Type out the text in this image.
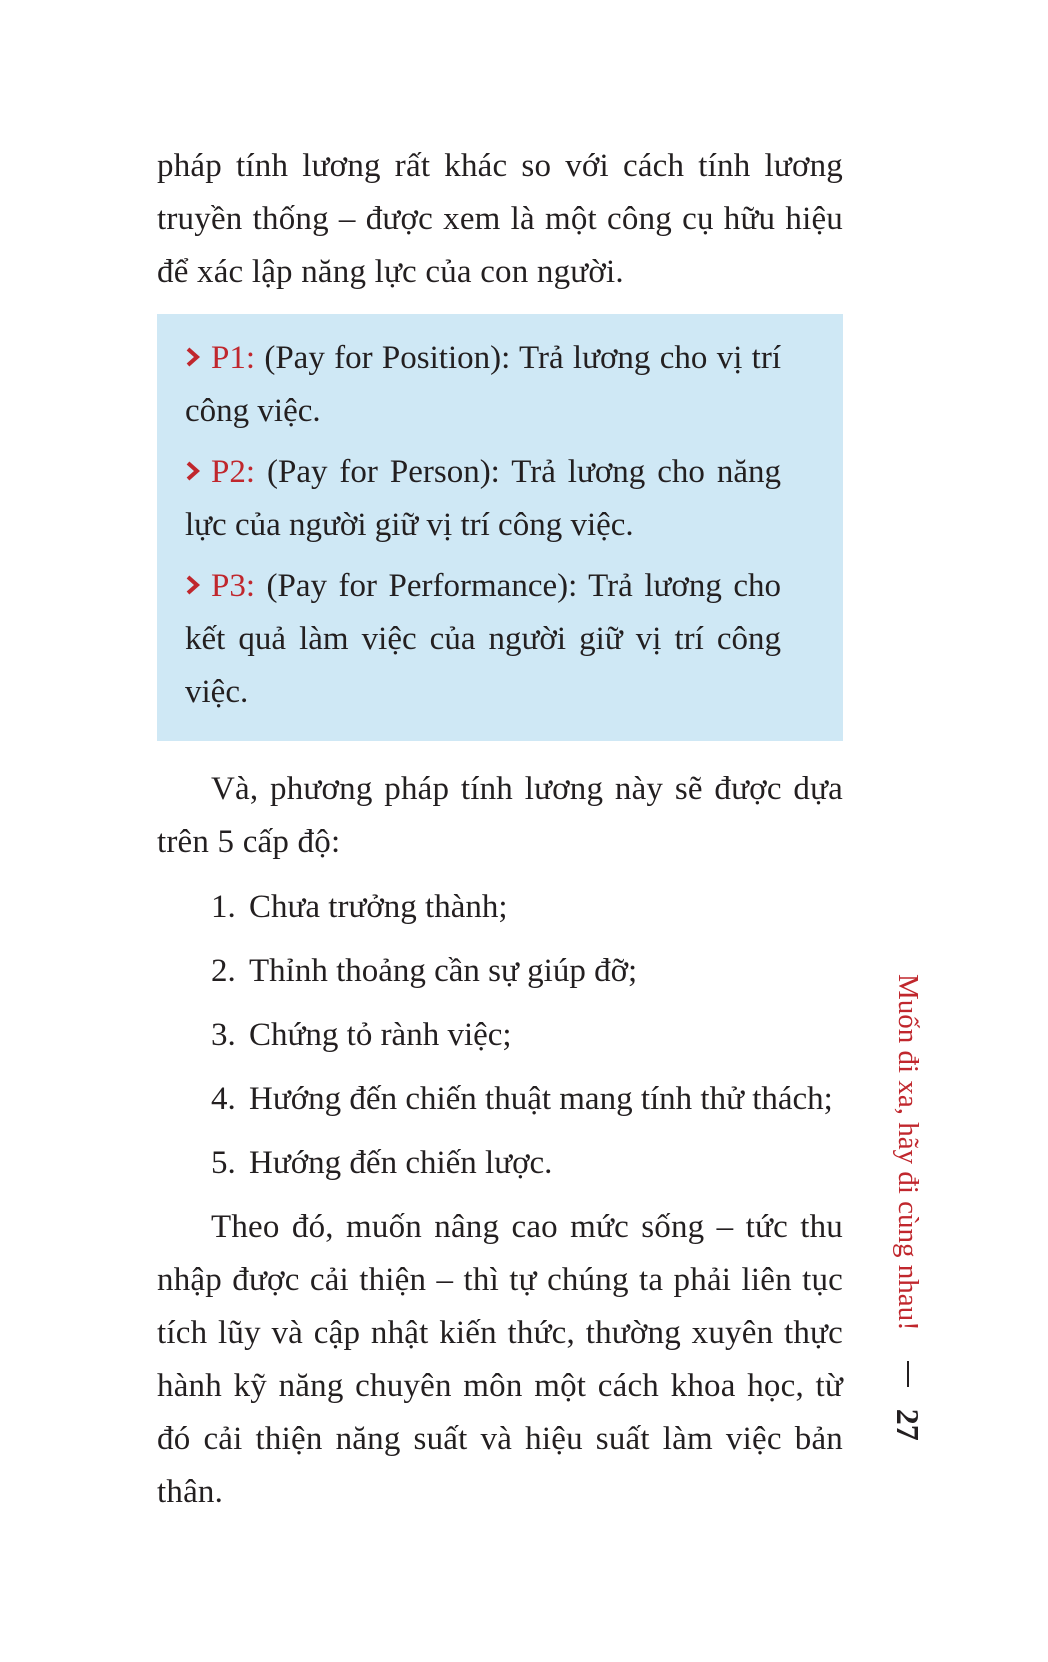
pháp tính lương rất khác so với cách tính lương truyền thống – được xem là một công cụ hữu hiệu để xác lập năng lực của con người.

P1: (Pay for Position): Trả lương cho vị trí công việc.

P2: (Pay for Person): Trả lương cho năng lực của người giữ vị trí công việc.

P3: (Pay for Performance): Trả lương cho kết quả làm việc của người giữ vị trí công việc.

Và, phương pháp tính lương này sẽ được dựa trên 5 cấp độ:

1. Chưa trưởng thành;
2. Thỉnh thoảng cần sự giúp đỡ;
3. Chứng tỏ rành việc;
4. Hướng đến chiến thuật mang tính thử thách;
5. Hướng đến chiến lược.

Theo đó, muốn nâng cao mức sống – tức thu nhập được cải thiện – thì tự chúng ta phải liên tục tích lũy và cập nhật kiến thức, thường xuyên thực hành kỹ năng chuyên môn một cách khoa học, từ đó cải thiện năng suất và hiệu suất làm việc bản thân.

Muốn đi xa, hãy đi cùng nhau!
27
